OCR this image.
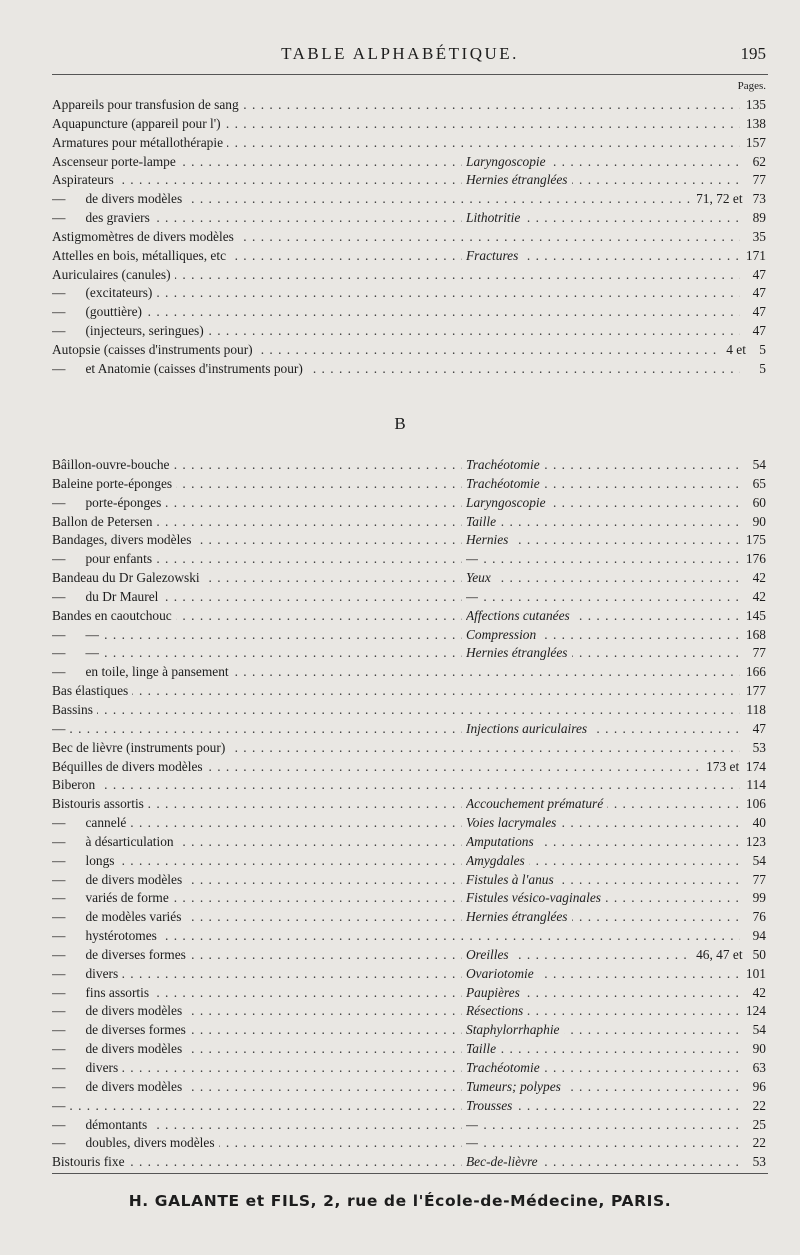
TABLE ALPHABÉTIQUE.	195
Pages.
Appareils pour transfusion de sang . . .	135
Aquapuncture (appareil pour l') . . .	138
Armatures pour métallothérapie . . .	157
Ascenseur porte-lampe . . .	Laryngoscopie . . .	62
Aspirateurs . . .	Hernies étranglées . . .	77
—      de divers modèles . . .	71, 72 et   73
—      des graviers . . .	Lithotritie . . .	89
Astigmomètres de divers modèles . . .	35
Attelles en bois, métalliques, etc . . .	Fractures . . .	171
Auriculaires (canules) . . .	47
—      (excitateurs) . . .	47
—      (gouttière) . . .	47
—      (injecteurs, seringues) . . .	47
Autopsie (caisses d'instruments pour) . . .	4 et    5
—      et Anatomie (caisses d'instruments pour) . . .	5
B
Bâillon-ouvre-bouche . . .	Trachéotomie . . .	54
Baleine porte-éponges . . .	Trachéotomie . . .	65
—      porte-éponges . . .	Laryngoscopie . . .	60
Ballon de Petersen . . .	Taille . . .	90
Bandages, divers modèles . . .	Hernies . . .	175
—      pour enfants . . .	— . . .	176
Bandeau du Dr Galezowski . . .	Yeux . . .	42
—      du Dr Maurel . . .	— . . .	42
Bandes en caoutchouc . . .	Affections cutanées . . .	145
—      — . . .	Compression . . .	168
—      — . . .	Hernies étranglées . . .	77
—      en toile, linge à pansement . . .	166
Bas élastiques . . .	177
Bassins . . .	118
— . . .	Injections auriculaires . . .	47
Bec de lièvre (instruments pour) . . .	53
Béquilles de divers modèles . . .	173 et  174
Biberon . . .	114
Bistouris assortis . . .	Accouchement prématuré . . .	106
—      cannelé . . .	Voies lacrymales . . .	40
—      à désarticulation . . .	Amputations . . .	123
—      longs . . .	Amygdales . . .	54
—      de divers modèles . . .	Fistules à l'anus . . .	77
—      variés de forme . . .	Fistules vésico-vaginales . . .	99
—      de modèles variés . . .	Hernies étranglées . . .	76
—      hystérotomes . . .	94
—      de diverses formes . . .	Oreilles . . .	46, 47 et   50
—      divers . . .	Ovariotomie . . .	101
—      fins assortis . . .	Paupières . . .	42
—      de divers modèles . . .	Résections . . .	124
—      de diverses formes . . .	Staphylorrhaphie . . .	54
—      de divers modèles . . .	Taille . . .	90
—      divers . . .	Trachéotomie . . .	63
—      de divers modèles . . .	Tumeurs; polypes . . .	96
— . . .	Trousses . . .	22
—      démontants . . .	— . . .	25
—      doubles, divers modèles . . .	— . . .	22
Bistouris fixe . . .	Bec-de-lièvre . . .	53
H. GALANTE et FILS, 2, rue de l'École-de-Médecine, PARIS.
